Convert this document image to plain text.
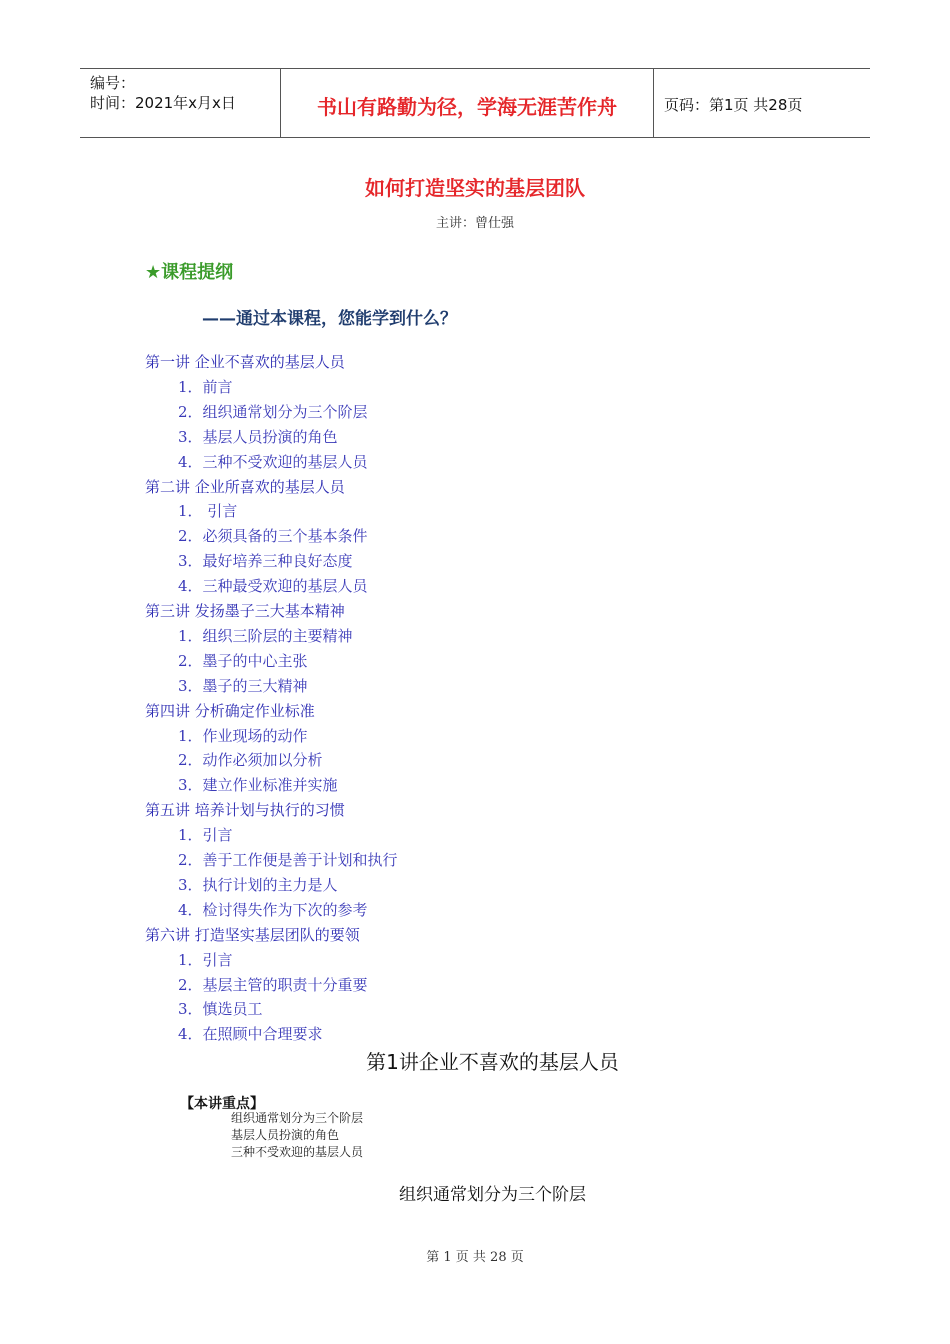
编号：
时间：2021年x月x日	书山有路勤为径，学海无涯苦作舟	页码：第1页 共28页
如何打造坚实的基层团队
主讲：曾仕强
★课程提纲
——通过本课程，您能学到什么？
第一讲 企业不喜欢的基层人员
1．前言
2．组织通常划分为三个阶层
3．基层人员扮演的角色
4．三种不受欢迎的基层人员
第二讲 企业所喜欢的基层人员
1． 引言
2．必须具备的三个基本条件
3．最好培养三种良好态度
4．三种最受欢迎的基层人员
第三讲 发扬墨子三大基本精神
1．组织三阶层的主要精神
2．墨子的中心主张
3．墨子的三大精神
第四讲 分析确定作业标准
1．作业现场的动作
2．动作必须加以分析
3．建立作业标准并实施
第五讲 培养计划与执行的习惯
1．引言
2．善于工作便是善于计划和执行
3．执行计划的主力是人
4．检讨得失作为下次的参考
第六讲 打造坚实基层团队的要领
1．引言
2．基层主管的职责十分重要
3．慎选员工
4．在照顾中合理要求
第1讲企业不喜欢的基层人员
【本讲重点】
组织通常划分为三个阶层
基层人员扮演的角色
三种不受欢迎的基层人员
组织通常划分为三个阶层
第 1 页 共 28 页
